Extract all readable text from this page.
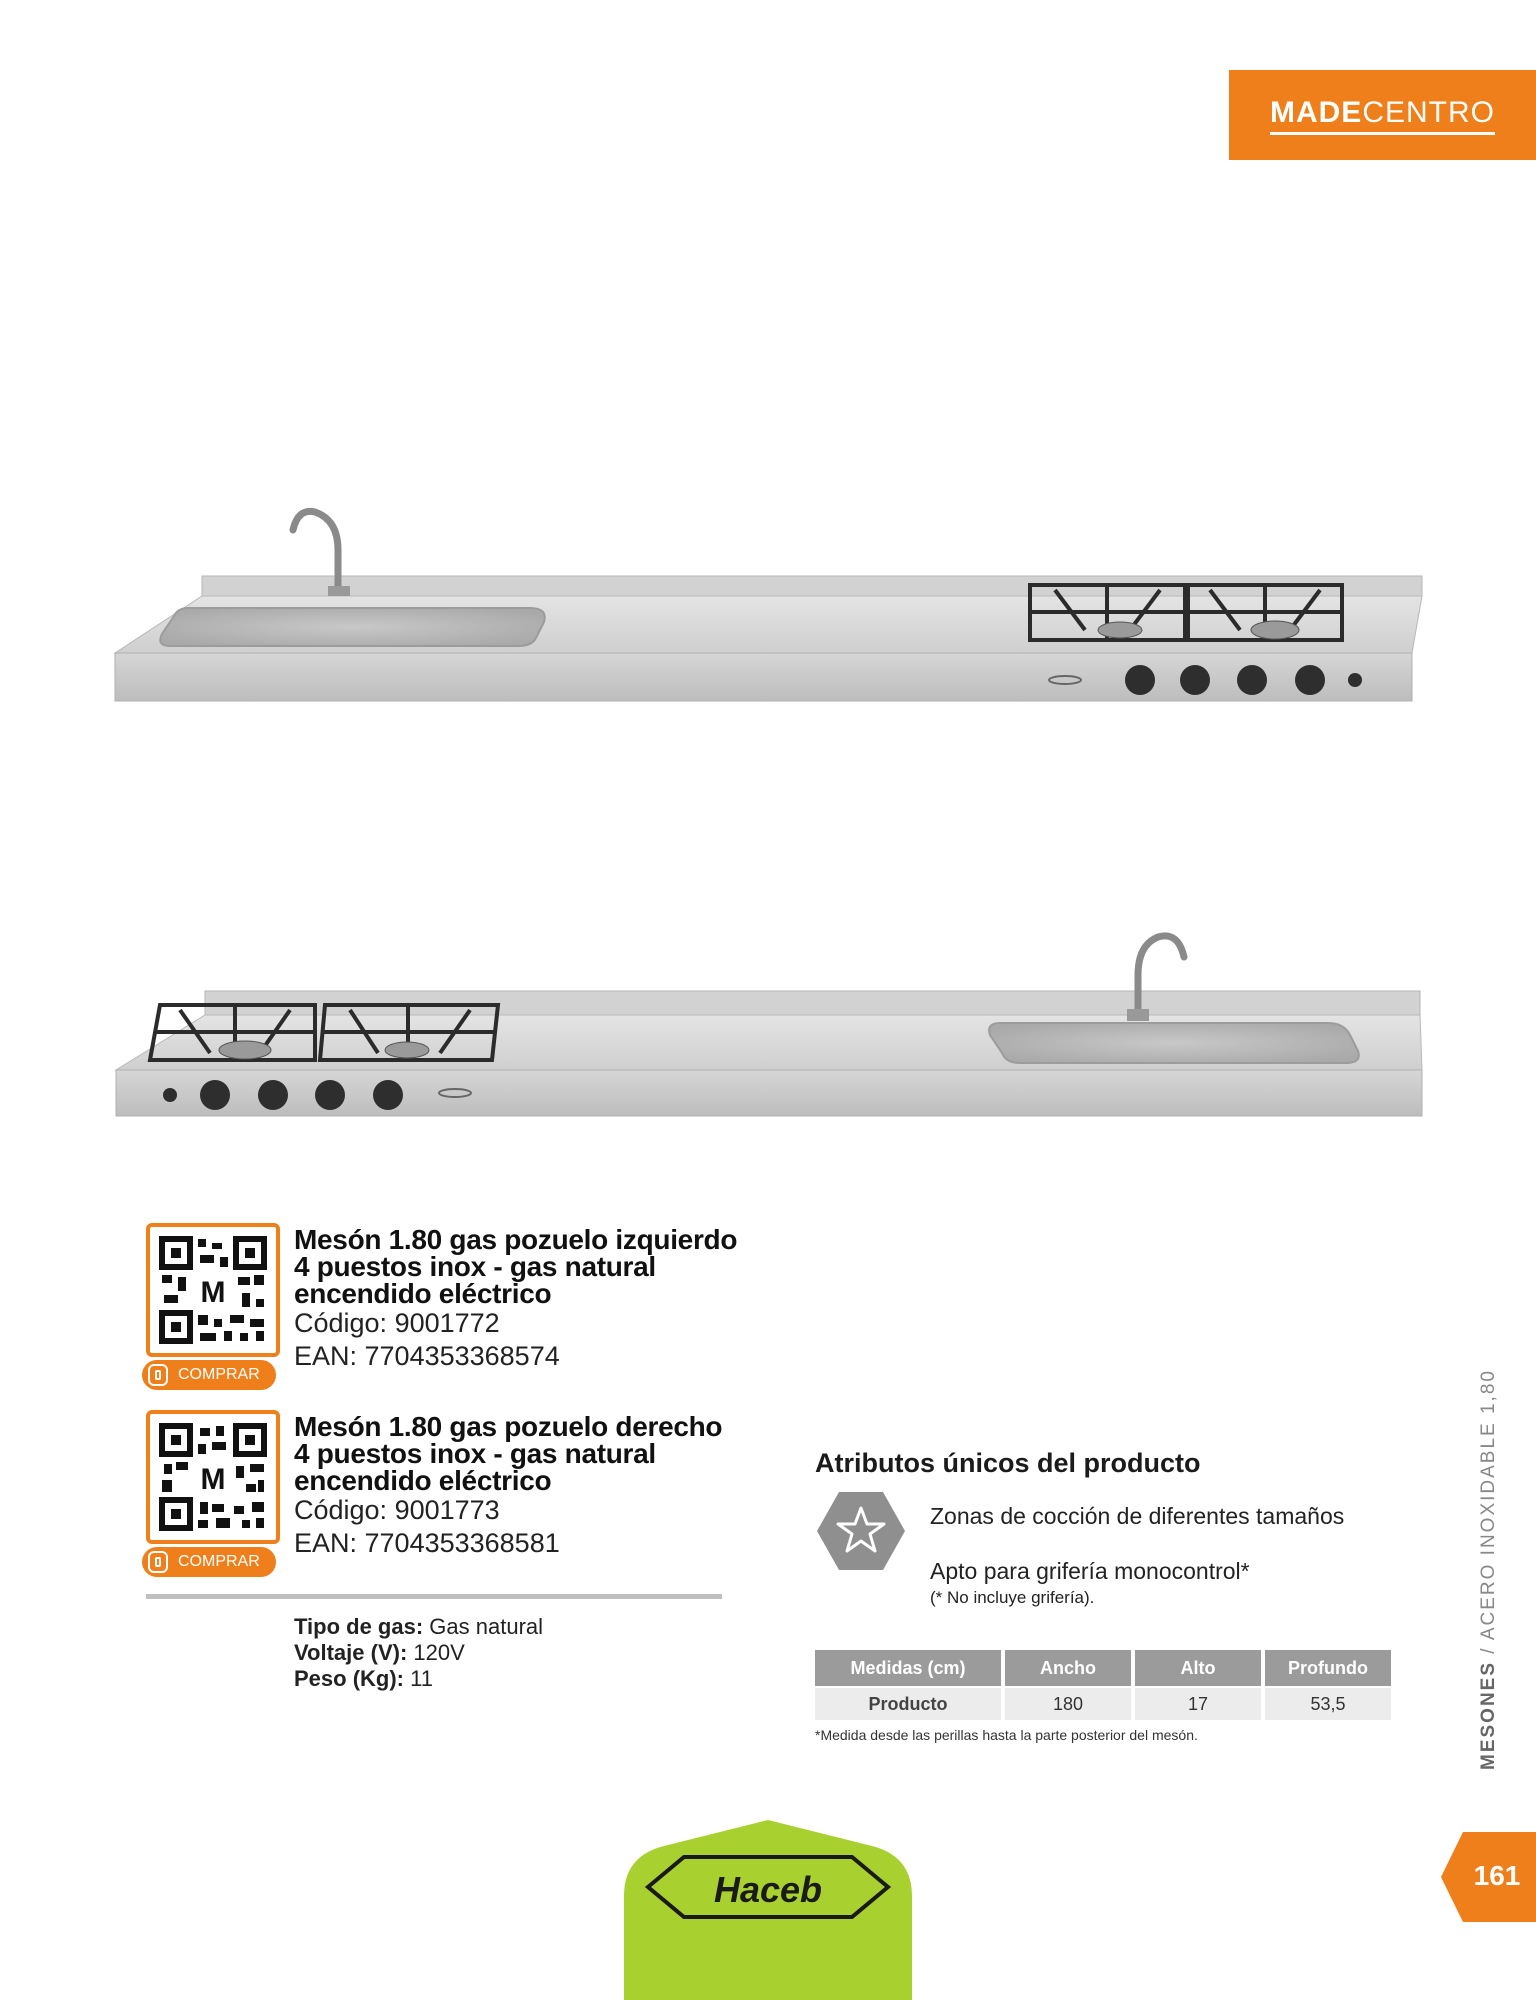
MADECENTRO
M
COMPRAR
Mesón 1.80 gas pozuelo izquierdo
4 puestos inox - gas natural
encendido eléctrico
Código: 9001772
EAN: 7704353368574
M
COMPRAR
Mesón 1.80 gas pozuelo derecho
4 puestos inox - gas natural
encendido eléctrico
Código: 9001773
EAN: 7704353368581
Tipo de gas: Gas natural
Voltaje (V): 120V
Peso (Kg): 11
Atributos únicos del producto
Zonas de cocción de diferentes tamaños
Apto para grifería monocontrol*
(* No incluye grifería).
Medidas (cm)	Ancho	Alto	Profundo
Producto	180	17	53,5
*Medida desde las perillas hasta la parte posterior del mesón.	MESONES / ACERO INOXIDABLE 1,80
161
Haceb
